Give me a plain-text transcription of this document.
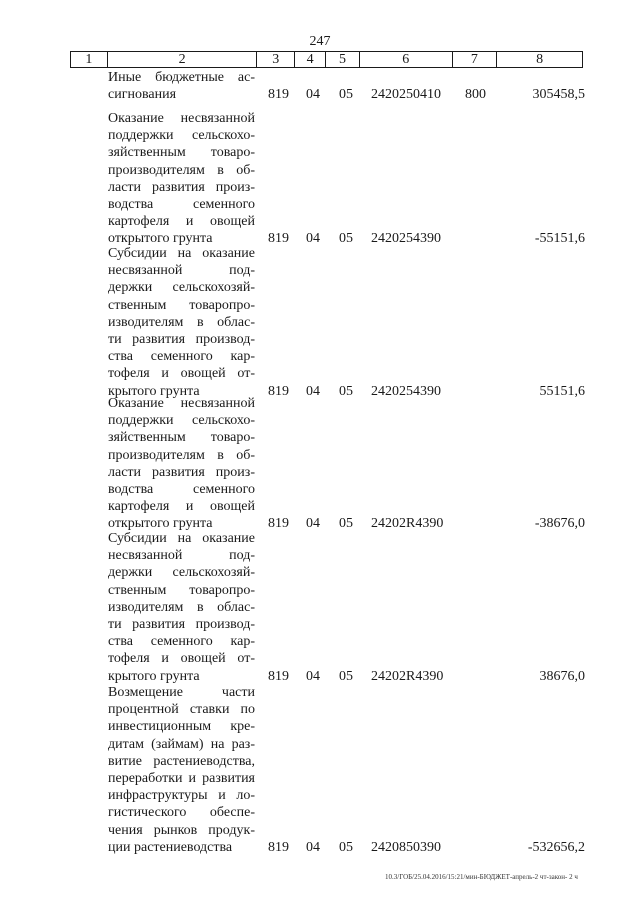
247
1	2	3	4	5	6	7	8
Иные бюджетные ас-
сигнования	819 04 05 2420250410 800	305458,5
Оказание несвязанной
поддержки сельскохо-
зяйственным товаро-
производителям в об-
ласти развития произ-
водства семенного
картофеля и овощей
открытого грунта	819 04 05 2420254390	-55151,6
Субсидии на оказание
несвязанной под-
держки сельскохозяй-
ственным товаропро-
изводителям в облас-
ти развития производ-
ства семенного кар-
тофеля и овощей от-
крытого грунта	819 04 05 2420254390	55151,6
Оказание несвязанной
поддержки сельскохо-
зяйственным товаро-
производителям в об-
ласти развития произ-
водства семенного
картофеля и овощей
открытого грунта	819 04 05 24202R4390	-38676,0
Субсидии на оказание
несвязанной под-
держки сельскохозяй-
ственным товаропро-
изводителям в облас-
ти развития производ-
ства семенного кар-
тофеля и овощей от-
крытого грунта	819 04 05 24202R4390	38676,0
Возмещение части
процентной ставки по
инвестиционным кре-
дитам (займам) на раз-
витие растениеводства,
переработки и развития
инфраструктуры и ло-
гистического обеспе-
чения рынков продук-
ции растениеводства	819 04 05 2420850390	-532656,2
10.3/ГОБ/25.04.2016/15:21/мин-БЮДЖЕТ-апрель-2 чт-закон- 2 ч
